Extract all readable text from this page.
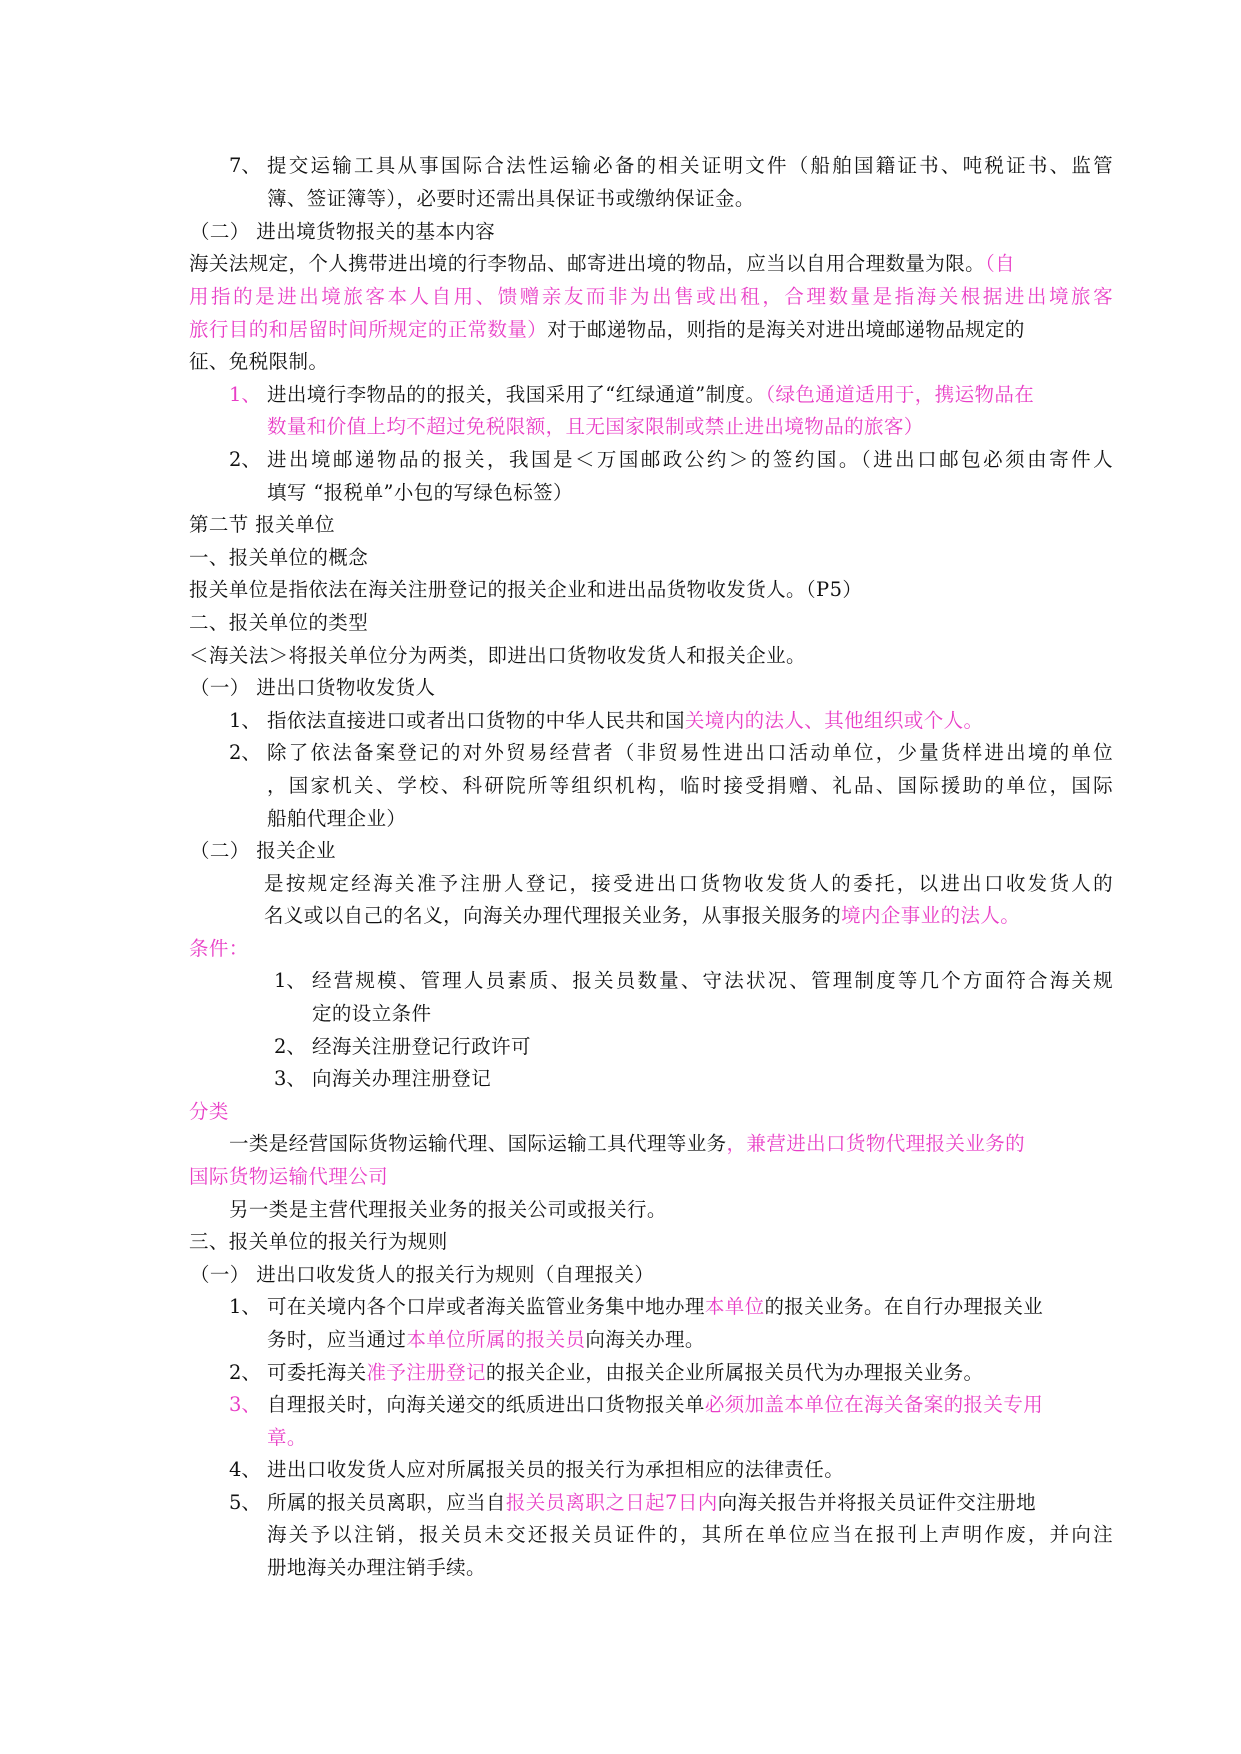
7、 提交运输工具从事国际合法性运输必备的相关证明文件（船舶国籍证书、吨税证书、监管
簿、签证簿等），必要时还需出具保证书或缴纳保证金。
（二） 进出境货物报关的基本内容
海关法规定，个人携带进出境的行李物品、邮寄进出境的物品，应当以自用合理数量为限。（自
用指的是进出境旅客本人自用、馈赠亲友而非为出售或出租，合理数量是指海关根据进出境旅客
旅行目的和居留时间所规定的正常数量）对于邮递物品，则指的是海关对进出境邮递物品规定的
征、免税限制。
1、 进出境行李物品的的报关，我国采用了“红绿通道”制度。（绿色通道适用于，携运物品在
数量和价值上均不超过免税限额，且无国家限制或禁止进出境物品的旅客）
2、 进出境邮递物品的报关，我国是＜万国邮政公约＞的签约国。（进出口邮包必须由寄件人
填写 “报税单”小包的写绿色标签）
第二节 报关单位
一、报关单位的概念
报关单位是指依法在海关注册登记的报关企业和进出品货物收发货人。（P5）
二、报关单位的类型
＜海关法＞将报关单位分为两类，即进出口货物收发货人和报关企业。
（一） 进出口货物收发货人
1、 指依法直接进口或者出口货物的中华人民共和国关境内的法人、其他组织或个人。
2、 除了依法备案登记的对外贸易经营者（非贸易性进出口活动单位，少量货样进出境的单位
，国家机关、学校、科研院所等组织机构，临时接受捐赠、礼品、国际援助的单位，国际
船舶代理企业）
（二） 报关企业
是按规定经海关准予注册人登记，接受进出口货物收发货人的委托，以进出口收发货人的
名义或以自己的名义，向海关办理代理报关业务，从事报关服务的境内企事业的法人。
条件：
1、 经营规模、管理人员素质、报关员数量、守法状况、管理制度等几个方面符合海关规
定的设立条件
2、 经海关注册登记行政许可
3、 向海关办理注册登记
分类
一类是经营国际货物运输代理、国际运输工具代理等业务，兼营进出口货物代理报关业务的
国际货物运输代理公司
另一类是主营代理报关业务的报关公司或报关行。
三、报关单位的报关行为规则
（一） 进出口收发货人的报关行为规则（自理报关）
1、 可在关境内各个口岸或者海关监管业务集中地办理本单位的报关业务。在自行办理报关业
务时，应当通过本单位所属的报关员向海关办理。
2、 可委托海关准予注册登记的报关企业，由报关企业所属报关员代为办理报关业务。
3、 自理报关时，向海关递交的纸质进出口货物报关单必须加盖本单位在海关备案的报关专用
章。
4、 进出口收发货人应对所属报关员的报关行为承担相应的法律责任。
5、 所属的报关员离职，应当自报关员离职之日起7日内向海关报告并将报关员证件交注册地
海关予以注销，报关员未交还报关员证件的，其所在单位应当在报刊上声明作废，并向注
册地海关办理注销手续。
